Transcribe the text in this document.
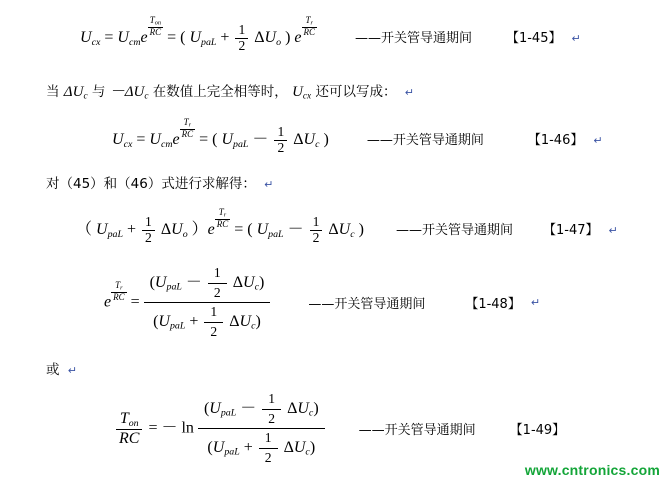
$U_{cx} = U_{cm}e \frac{\text{Ton}}{RC}$ = ( $U_{paL} + \frac{1}{2} \Delta U_o$ ) e $\frac{Tr}{RC}$
——开关管导通期间	【1-45】 ↵
当 $\Delta U_c$ 与 $-\Delta U_c$ 在数值上完全相等时， $U_{cx}$ 还可以写成： ↵
$U_{cx} = U_{cm}e \frac{Tr}{RC}$ = ( $U_{paL} - \frac{1}{2} \Delta U_c$ )	——开关管导通期间	【1-46】 ↵
对（45）和（46）式进行求解得： ↵
（ $U_{paL} + \frac{1}{2} \Delta U_o$ ）$e \frac{Tr}{RC}$ = ( $U_{paL} - \frac{1}{2} \Delta U_c$ ) ——开关管导通期间 【1-47】 ↵
e $\frac{Tr}{RC} = \frac{(U_{paL} - \frac{1}{2} \Delta U_c)}{(U_{paL} + \frac{1}{2} \Delta U_c)}$	——开关管导通期间	【1-48】 ↵
或 ↵
$\frac{T_{on}}{RC}$ = － $\ln \frac{(U_{paL} - \frac{1}{2} \Delta U_c)}{(U_{paL} + \frac{1}{2} \Delta U_c)}$	——开关管导通期间	【1-49】
www.cntronics.com
